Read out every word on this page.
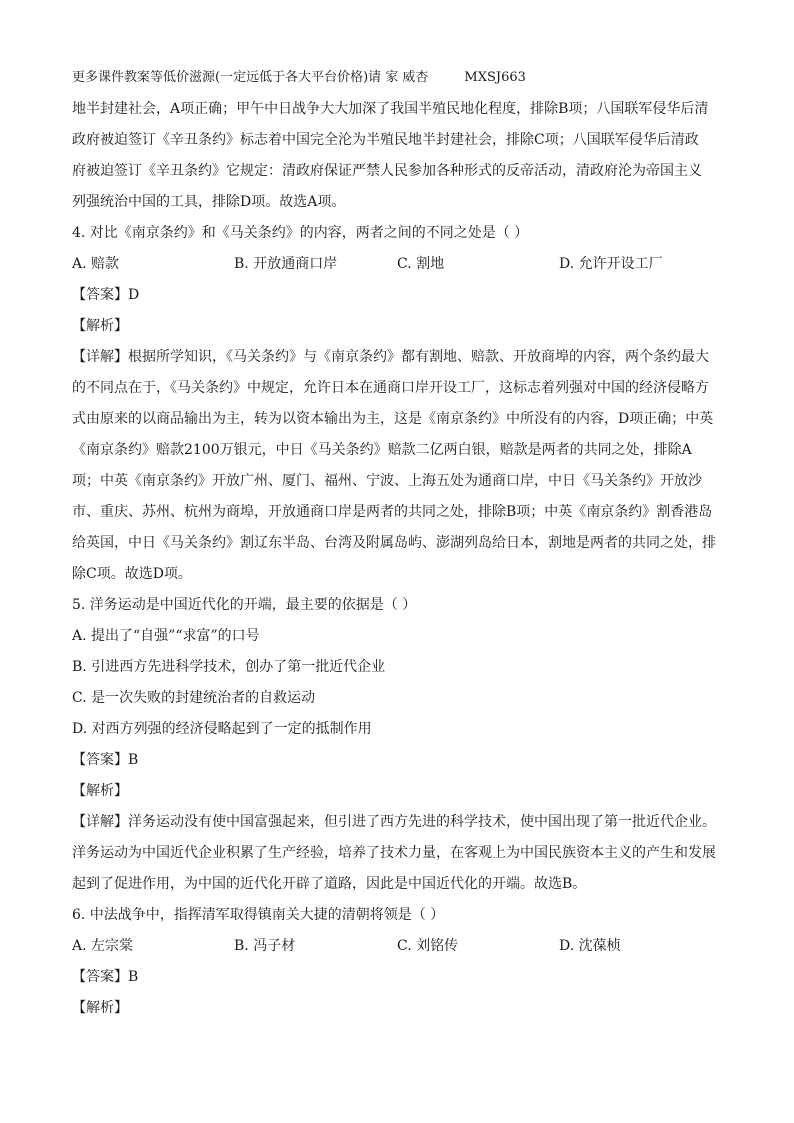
更多课件教案等低价滋源(一定远低于各大平台价格)请 家 威杏	MXSJ663
地半封建社会，A项正确；甲午中日战争大大加深了我国半殖民地化程度，排除B项；八国联军侵华后清
政府被迫签订《辛丑条约》标志着中国完全沦为半殖民地半封建社会，排除C项；八国联军侵华后清政
府被迫签订《辛丑条约》它规定：清政府保证严禁人民参加各种形式的反帝活动，清政府沦为帝国主义
列强统治中国的工具，排除D项。故选A项。
4. 对比《南京条约》和《马关条约》的内容，两者之间的不同之处是（ ）
A. 赔款	B. 开放通商口岸	C. 割地	D. 允许开设工厂
【答案】D
【解析】
【详解】根据所学知识，《马关条约》与《南京条约》都有割地、赔款、开放商埠的内容，两个条约最大
的不同点在于，《马关条约》中规定，允许日本在通商口岸开设工厂，这标志着列强对中国的经济侵略方
式由原来的以商品输出为主，转为以资本输出为主，这是《南京条约》中所没有的内容，D项正确；中英
《南京条约》赔款2100万银元，中日《马关条约》赔款二亿两白银，赔款是两者的共同之处，排除A
项；中英《南京条约》开放广州、厦门、福州、宁波、上海五处为通商口岸，中日《马关条约》开放沙
市、重庆、苏州、杭州为商埠，开放通商口岸是两者的共同之处，排除B项；中英《南京条约》割香港岛
给英国，中日《马关条约》割辽东半岛、台湾及附属岛屿、澎湖列岛给日本，割地是两者的共同之处，排
除C项。故选D项。
5. 洋务运动是中国近代化的开端，最主要的依据是（ ）
A. 提出了“自强”“求富”的口号
B. 引进西方先进科学技术，创办了第一批近代企业
C. 是一次失败的封建统治者的自救运动
D. 对西方列强的经济侵略起到了一定的抵制作用
【答案】B
【解析】
【详解】洋务运动没有使中国富强起来，但引进了西方先进的科学技术，使中国出现了第一批近代企业。
洋务运动为中国近代企业积累了生产经验，培养了技术力量，在客观上为中国民族资本主义的产生和发展
起到了促进作用，为中国的近代化开辟了道路，因此是中国近代化的开端。故选B。
6. 中法战争中，指挥清军取得镇南关大捷的清朝将领是（ ）
A. 左宗棠	B. 冯子材	C. 刘铭传	D. 沈葆桢
【答案】B
【解析】
